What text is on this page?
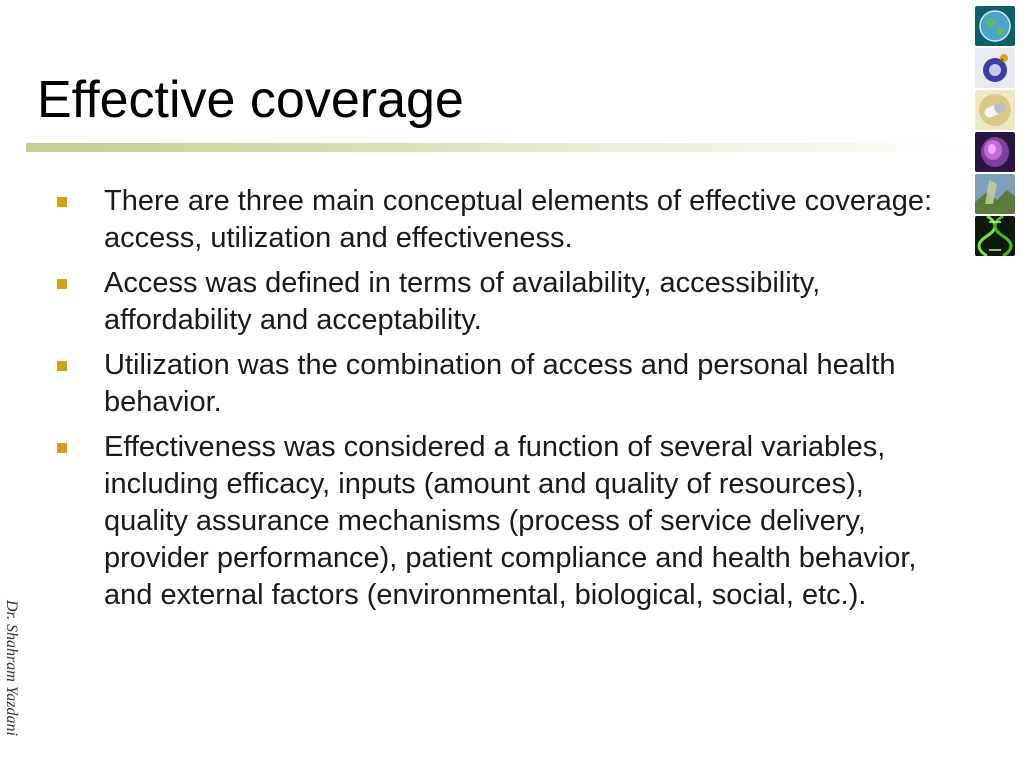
Effective coverage
There are three main conceptual elements of effective coverage: access, utilization and effectiveness.
Access was defined in terms of availability, accessibility, affordability and acceptability.
Utilization was the combination of access and personal health behavior.
Effectiveness was considered a function of several variables, including efficacy, inputs (amount and quality of resources), quality assurance mechanisms (process of service delivery, provider performance), patient compliance and health behavior, and external factors (environmental, biological, social, etc.).
Dr. Shahram Yazdani
